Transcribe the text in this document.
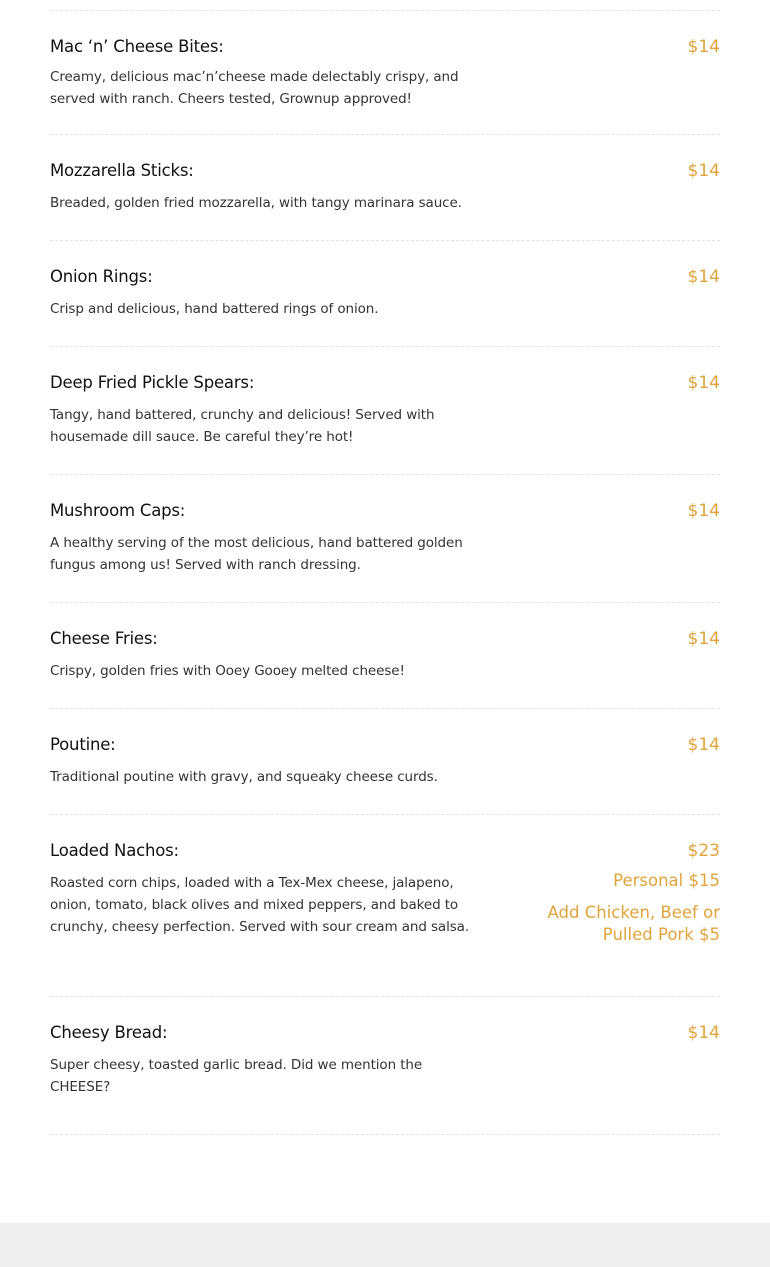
Mac ‘n’ Cheese Bites:
Creamy, delicious mac’n’cheese made delectably crispy, and served with ranch. Cheers tested, Grownup approved!
$14
Mozzarella Sticks:
Breaded, golden fried mozzarella, with tangy marinara sauce.
$14
Onion Rings:
Crisp and delicious, hand battered rings of onion.
$14
Deep Fried Pickle Spears:
Tangy, hand battered, crunchy and delicious! Served with housemade dill sauce. Be careful they’re hot!
$14
Mushroom Caps:
A healthy serving of the most delicious, hand battered golden fungus among us! Served with ranch dressing.
$14
Cheese Fries:
Crispy, golden fries with Ooey Gooey melted cheese!
$14
Poutine:
Traditional poutine with gravy, and squeaky cheese curds.
$14
Loaded Nachos:
Roasted corn chips, loaded with a Tex-Mex cheese, jalapeno, onion, tomato, black olives and mixed peppers, and baked to crunchy, cheesy perfection. Served with sour cream and salsa.
$23
Personal $15
Add Chicken, Beef or Pulled Pork $5
Cheesy Bread:
Super cheesy, toasted garlic bread. Did we mention the CHEESE?
$14
